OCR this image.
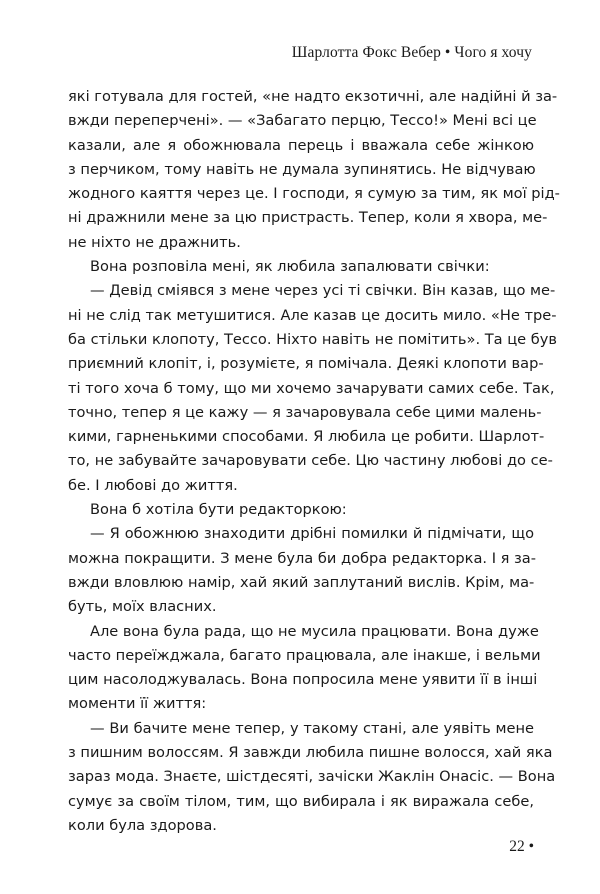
Шарлотта Фокс Вебер • Чого я хочу
які готувала для гостей, «не надто екзотичні, але надійні й за-
вжди переперчені». — «Забагато перцю, Тессо!» Мені всі це
казали, але я обожнювала перець і вважала себе жінкою
з перчиком, тому навіть не думала зупинятись. Не відчуваю
жодного каяття через це. І господи, я сумую за тим, як мої рід-
ні дражнили мене за цю пристрасть. Тепер, коли я хвора, ме-
не ніхто не дражнить.
Вона розповіла мені, як любила запалювати свічки:
— Девід сміявся з мене через усі ті свічки. Він казав, що ме-
ні не слід так метушитися. Але казав це досить мило. «Не тре-
ба стільки клопоту, Тессо. Ніхто навіть не помітить». Та це був
приємний клопіт, і, розумієте, я помічала. Деякі клопоти вар-
ті того хоча б тому, що ми хочемо зачарувати самих себе. Так,
точно, тепер я це кажу — я зачаровувала себе цими малень-
кими, гарненькими способами. Я любила це робити. Шарлот-
то, не забувайте зачаровувати себе. Цю частину любові до се-
бе. І любові до життя.
Вона б хотіла бути редакторкою:
— Я обожнюю знаходити дрібні помилки й підмічати, що
можна покращити. З мене була би добра редакторка. І я за-
вжди вловлюю намір, хай який заплутаний вислів. Крім, ма-
буть, моїх власних.
Але вона була рада, що не мусила працювати. Вона дуже
часто переїжджала, багато працювала, але інакше, і вельми
цим насолоджувалась. Вона попросила мене уявити її в інші
моменти її життя:
— Ви бачите мене тепер, у такому стані, але уявіть мене
з пишним волоссям. Я завжди любила пишне волосся, хай яка
зараз мода. Знаєте, шістдесяті, зачіски Жаклін Онасіс. — Вона
сумує за своїм тілом, тим, що вибирала і як виражала себе,
коли була здорова.
22 •
